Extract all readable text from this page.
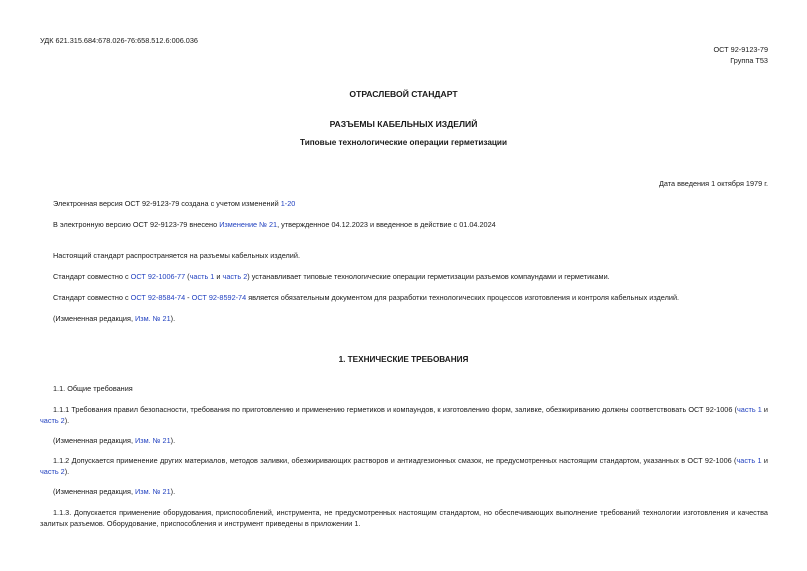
УДК 621.315.684:678.026-76:658.512.6:006.036
ОСТ 92-9123-79
Группа Т53
ОТРАСЛЕВОЙ СТАНДАРТ
РАЗЪЕМЫ КАБЕЛЬНЫХ ИЗДЕЛИЙ
Типовые технологические операции герметизации
Дата введения 1 октября 1979 г.
Электронная версия ОСТ 92-9123-79 создана с учетом изменений 1-20
В электронную версию ОСТ 92-9123-79 внесено Изменение № 21, утвержденное 04.12.2023 и введенное в действие с 01.04.2024
Настоящий стандарт распространяется на разъемы кабельных изделий.
Стандарт совместно с ОСТ 92-1006-77 (часть 1 и часть 2) устанавливает типовые технологические операции герметизации разъемов компаундами и герметиками.
Стандарт совместно с ОСТ 92-8584-74 - ОСТ 92-8592-74 является обязательным документом для разработки технологических процессов изготовления и контроля кабельных изделий.
(Измененная редакция, Изм. № 21).
1. ТЕХНИЧЕСКИЕ ТРЕБОВАНИЯ
1.1. Общие требования
1.1.1 Требования правил безопасности, требования по приготовлению и применению герметиков и компаундов, к изготовлению форм, заливке, обезжириванию должны соответствовать ОСТ 92-1006 (часть 1 и часть 2).
(Измененная редакция, Изм. № 21).
1.1.2 Допускается применение других материалов, методов заливки, обезжиривающих растворов и антиадгезионных смазок, не предусмотренных настоящим стандартом, указанных в ОСТ 92-1006 (часть 1 и часть 2).
(Измененная редакция, Изм. № 21).
1.1.3. Допускается применение оборудования, приспособлений, инструмента, не предусмотренных настоящим стандартом, но обеспечивающих выполнение требований технологии изготовления и качества залитых разъемов. Оборудование, приспособления и инструмент приведены в приложении 1.
